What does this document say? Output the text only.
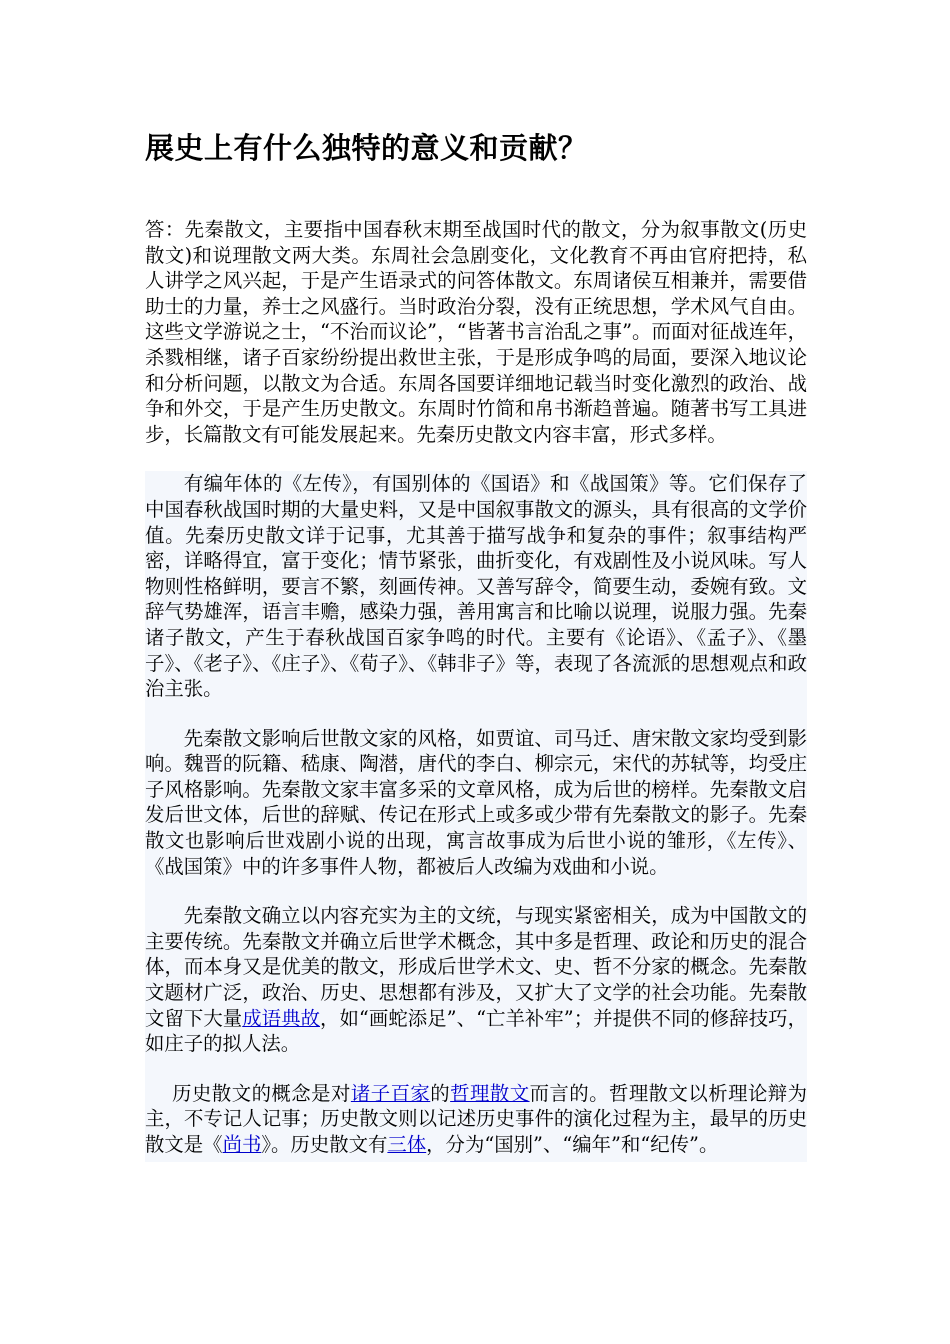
展史上有什么独特的意义和贡献？

答：先秦散文，主要指中国春秋末期至战国时代的散文，分为叙事散文(历史散文)和说理散文两大类。东周社会急剧变化，文化教育不再由官府把持，私人讲学之风兴起，于是产生语录式的问答体散文。东周诸侯互相兼并，需要借助士的力量，养士之风盛行。当时政治分裂，没有正统思想，学术风气自由。这些文学游说之士，“不治而议论”，“皆著书言治乱之事”。而面对征战连年，杀戮相继，诸子百家纷纷提出救世主张，于是形成争鸣的局面，要深入地议论和分析问题，以散文为合适。东周各国要详细地记载当时变化激烈的政治、战争和外交，于是产生历史散文。东周时竹简和帛书渐趋普遍。随著书写工具进步，长篇散文有可能发展起来。先秦历史散文内容丰富，形式多样。

有编年体的《左传》，有国别体的《国语》和《战国策》等。它们保存了中国春秋战国时期的大量史料，又是中国叙事散文的源头，具有很高的文学价值。先秦历史散文详于记事，尤其善于描写战争和复杂的事件；叙事结构严密，详略得宜，富于变化；情节紧张，曲折变化，有戏剧性及小说风味。写人物则性格鲜明，要言不繁，刻画传神。又善写辞令，简要生动，委婉有致。文辞气势雄浑，语言丰赡，感染力强，善用寓言和比喻以说理，说服力强。先秦诸子散文，产生于春秋战国百家争鸣的时代。主要有《论语》、《孟子》、《墨子》、《老子》、《庄子》、《荀子》、《韩非子》等，表现了各流派的思想观点和政治主张。

先秦散文影响后世散文家的风格，如贾谊、司马迁、唐宋散文家均受到影响。魏晋的阮籍、嵇康、陶潜，唐代的李白、柳宗元，宋代的苏轼等，均受庄子风格影响。先秦散文家丰富多采的文章风格，成为后世的榜样。先秦散文启发后世文体，后世的辞赋、传记在形式上或多或少带有先秦散文的影子。先秦散文也影响后世戏剧小说的出现，寓言故事成为后世小说的雏形，《左传》、《战国策》中的许多事件人物，都被后人改编为戏曲和小说。

先秦散文确立以内容充实为主的文统，与现实紧密相关，成为中国散文的主要传统。先秦散文并确立后世学术概念，其中多是哲理、政论和历史的混合体，而本身又是优美的散文，形成后世学术文、史、哲不分家的概念。先秦散文题材广泛，政治、历史、思想都有涉及，又扩大了文学的社会功能。先秦散文留下大量成语典故，如“画蛇添足”、“亡羊补牢”；并提供不同的修辞技巧，如庄子的拟人法。

历史散文的概念是对诸子百家的哲理散文而言的。哲理散文以析理论辩为主，不专记人记事；历史散文则以记述历史事件的演化过程为主，最早的历史散文是《尚书》。历史散文有三体，分为“国别”、“编年”和“纪传”。
